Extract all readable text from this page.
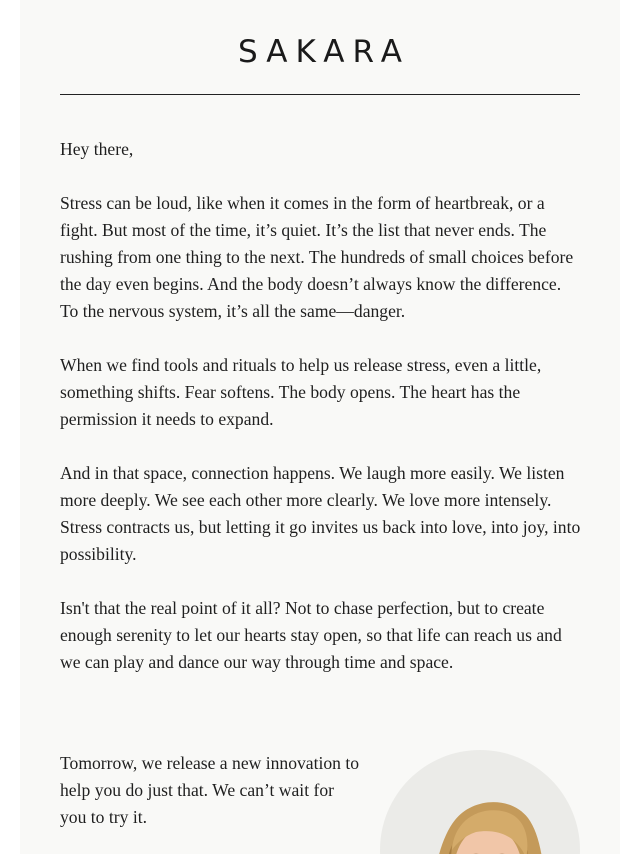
SAKARA

Hey there,

Stress can be loud, like when it comes in the form of heartbreak, or a fight. But most of the time, it’s quiet. It’s the list that never ends. The rushing from one thing to the next. The hundreds of small choices before the day even begins. And the body doesn’t always know the difference. To the nervous system, it’s all the same—danger.

When we find tools and rituals to help us release stress, even a little, something shifts. Fear softens. The body opens. The heart has the permission it needs to expand.

And in that space, connection happens. We laugh more easily. We listen more deeply. We see each other more clearly. We love more intensely. Stress contracts us, but letting it go invites us back into love, into joy, into possibility.

Isn't that the real point of it all? Not to chase perfection, but to create enough serenity to let our hearts stay open, so that life can reach us and we can play and dance our way through time and space.

Tomorrow, we release a new innovation to help you do just that. We can’t wait for you to try it.
